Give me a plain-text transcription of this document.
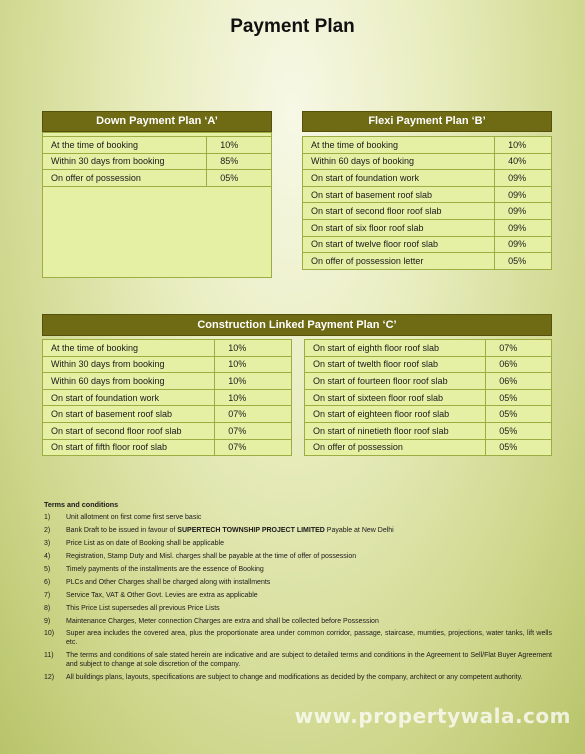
Payment Plan
Down Payment Plan ‘A’
At the time of booking	10%
Within 30 days from booking	85%
On offer of possession	05%
Flexi Payment Plan ‘B’
At the time of booking	10%
Within 60 days of booking	40%
On start of foundation work	09%
On start of basement roof slab	09%
On start of second floor roof slab	09%
On start of six floor roof slab	09%
On start of twelve floor roof slab	09%
On offer of possession letter	05%
Construction Linked Payment Plan ‘C’
At the time of booking	10%
Within 30 days from booking	10%
Within 60 days from booking	10%
On start of foundation work	10%
On start of basement roof slab	07%
On start of second floor roof slab	07%
On start of fifth floor roof slab	07%
On start of eighth floor roof slab	07%
On start of twelth floor roof slab	06%
On start of fourteen floor roof slab	06%
On start of sixteen floor roof slab	05%
On start of eighteen floor roof slab	05%
On start of ninetieth floor roof slab	05%
On offer of possession	05%
Terms and conditions
1)	Unit allotment on first come first serve basic
2)	Bank Draft to be issued in favour of SUPERTECH TOWNSHIP PROJECT LIMITED Payable at New Delhi
3)	Price List as on date of Booking shall be applicable
4)	Registration, Stamp Duty and Misl. charges shall be payable at the time of offer of possession
5)	Timely payments of the installments are the essence of Booking
6)	PLCs and Other Charges shall be charged along with installments
7)	Service Tax, VAT & Other Govt. Levies are extra as applicable
8)	This Price List supersedes all previous Price Lists
9)	Maintenance Charges, Meter connection Charges are extra and shall be collected before Possession
10)	Super area includes the covered area, plus the proportionate area under common corridor, passage, staircase, mumties, projections, water tanks, lift wells etc.
11)	The terms and conditions of sale stated herein are indicative and are subject to detailed terms and conditions in the Agreement to Sell/Flat Buyer Agreement and subject to change at sole discretion of the company.
12)	All buildings plans, layouts, specifications are subject to change and modifications as decided by the company, architect or any competent authority.
www.propertywala.com
